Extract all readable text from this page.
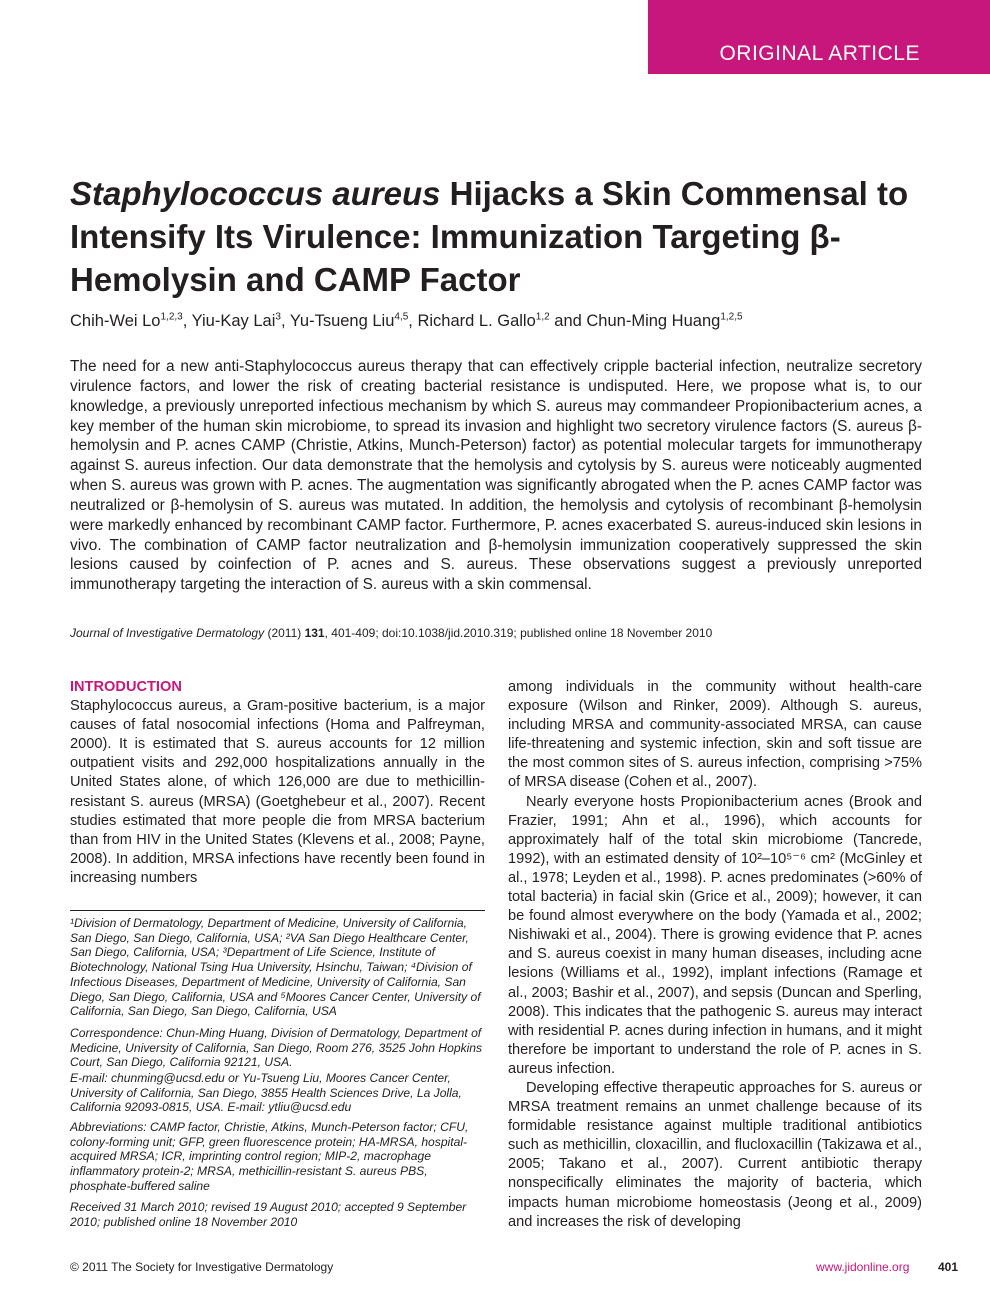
ORIGINAL ARTICLE
Staphylococcus aureus Hijacks a Skin Commensal to Intensify Its Virulence: Immunization Targeting β-Hemolysin and CAMP Factor
Chih-Wei Lo$^{1,2,3}$, Yiu-Kay Lai$^3$, Yu-Tsueng Liu$^{4,5}$, Richard L. Gallo$^{1,2}$ and Chun-Ming Huang$^{1,2,5}$

The need for a new anti-Staphylococcus aureus therapy that can effectively cripple bacterial infection, neutralize secretory virulence factors, and lower the risk of creating bacterial resistance is undisputed. Here, we propose what is, to our knowledge, a previously unreported infectious mechanism by which S. aureus may commandeer Propionibacterium acnes, a key member of the human skin microbiome, to spread its invasion and highlight two secretory virulence factors (S. aureus β-hemolysin and P. acnes CAMP (Christie, Atkins, Munch-Peterson) factor) as potential molecular targets for immunotherapy against S. aureus infection. Our data demonstrate that the hemolysis and cytolysis by S. aureus were noticeably augmented when S. aureus was grown with P. acnes. The augmentation was significantly abrogated when the P. acnes CAMP factor was neutralized or β-hemolysin of S. aureus was mutated. In addition, the hemolysis and cytolysis of recombinant β-hemolysin were markedly enhanced by recombinant CAMP factor. Furthermore, P. acnes exacerbated S. aureus-induced skin lesions in vivo. The combination of CAMP factor neutralization and β-hemolysin immunization cooperatively suppressed the skin lesions caused by coinfection of P. acnes and S. aureus. These observations suggest a previously unreported immunotherapy targeting the interaction of S. aureus with a skin commensal.

Journal of Investigative Dermatology (2011) 131, 401-409; doi:10.1038/jid.2010.319; published online 18 November 2010
INTRODUCTION

Staphylococcus aureus, a Gram-positive bacterium, is a major causes of fatal nosocomial infections (Homa and Palfreyman, 2000). It is estimated that S. aureus accounts for 12 million outpatient visits and 292,000 hospitalizations annually in the United States alone, of which 126,000 are due to methicillin-resistant S. aureus (MRSA) (Goetghebeur et al., 2007). Recent studies estimated that more people die from MRSA bacterium than from HIV in the United States (Klevens et al., 2008; Payne, 2008). In addition, MRSA infections have recently been found in increasing numbers

¹Division of Dermatology, Department of Medicine, University of California, San Diego, San Diego, California, USA; ²VA San Diego Healthcare Center, San Diego, California, USA; ³Department of Life Science, Institute of Biotechnology, National Tsing Hua University, Hsinchu, Taiwan; ⁴Division of Infectious Diseases, Department of Medicine, University of California, San Diego, San Diego, California, USA and ⁵Moores Cancer Center, University of California, San Diego, San Diego, California, USA

Correspondence: Chun-Ming Huang, Division of Dermatology, Department of Medicine, University of California, San Diego, Room 276, 3525 John Hopkins Court, San Diego, California 92121, USA.

E-mail: chunming@ucsd.edu or Yu-Tsueng Liu, Moores Cancer Center, University of California, San Diego, 3855 Health Sciences Drive, La Jolla, California 92093-0815, USA. E-mail: ytliu@ucsd.edu

Abbreviations: CAMP factor, Christie, Atkins, Munch-Peterson factor; CFU, colony-forming unit; GFP, green fluorescence protein; HA-MRSA, hospital-acquired MRSA; ICR, imprinting control region; MIP-2, macrophage inflammatory protein-2; MRSA, methicillin-resistant S. aureus PBS, phosphate-buffered saline

Received 31 March 2010; revised 19 August 2010; accepted 9 September 2010; published online 18 November 2010

among individuals in the community without health-care exposure (Wilson and Rinker, 2009). Although S. aureus, including MRSA and community-associated MRSA, can cause life-threatening and systemic infection, skin and soft tissue are the most common sites of S. aureus infection, comprising >75% of MRSA disease (Cohen et al., 2007).

Nearly everyone hosts Propionibacterium acnes (Brook and Frazier, 1991; Ahn et al., 1996), which accounts for approximately half of the total skin microbiome (Tancrede, 1992), with an estimated density of 10²–10⁵⁻⁶ cm² (McGinley et al., 1978; Leyden et al., 1998). P. acnes predominates (>60% of total bacteria) in facial skin (Grice et al., 2009); however, it can be found almost everywhere on the body (Yamada et al., 2002; Nishiwaki et al., 2004). There is growing evidence that P. acnes and S. aureus coexist in many human diseases, including acne lesions (Williams et al., 1992), implant infections (Ramage et al., 2003; Bashir et al., 2007), and sepsis (Duncan and Sperling, 2008). This indicates that the pathogenic S. aureus may interact with residential P. acnes during infection in humans, and it might therefore be important to understand the role of P. acnes in S. aureus infection.

Developing effective therapeutic approaches for S. aureus or MRSA treatment remains an unmet challenge because of its formidable resistance against multiple traditional antibiotics such as methicillin, cloxacillin, and flucloxacillin (Takizawa et al., 2005; Takano et al., 2007). Current antibiotic therapy nonspecifically eliminates the majority of bacteria, which impacts human microbiome homeostasis (Jeong et al., 2009) and increases the risk of developing

© 2011 The Society for Investigative Dermatology	www.jidonline.org 401
